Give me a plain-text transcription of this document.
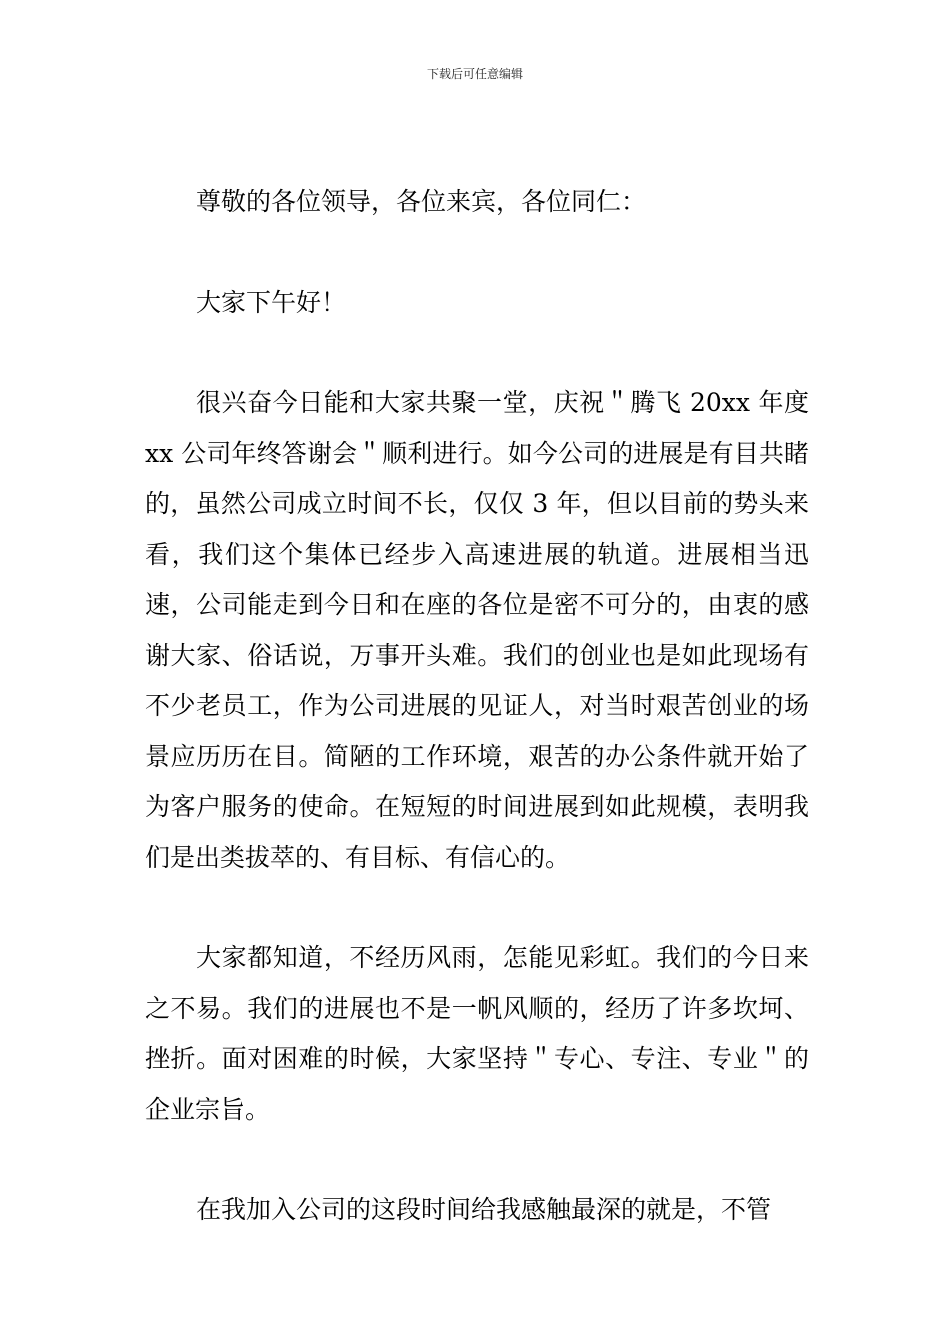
下载后可任意编辑

尊敬的各位领导，各位来宾，各位同仁：

大家下午好！

很兴奋今日能和大家共聚一堂，庆祝＂腾飞 20xx 年度 xx 公司年终答谢会＂顺利进行。如今公司的进展是有目共睹的，虽然公司成立时间不长，仅仅 3 年，但以目前的势头来看，我们这个集体已经步入高速进展的轨道。进展相当迅速，公司能走到今日和在座的各位是密不可分的，由衷的感谢大家、俗话说，万事开头难。我们的创业也是如此现场有不少老员工，作为公司进展的见证人，对当时艰苦创业的场景应历历在目。简陋的工作环境，艰苦的办公条件就开始了为客户服务的使命。在短短的时间进展到如此规模，表明我们是出类拔萃的、有目标、有信心的。

大家都知道，不经历风雨，怎能见彩虹。我们的今日来之不易。我们的进展也不是一帆风顺的，经历了许多坎坷、挫折。面对困难的时候，大家坚持＂专心、专注、专业＂的企业宗旨。

在我加入公司的这段时间给我感触最深的就是，不管
